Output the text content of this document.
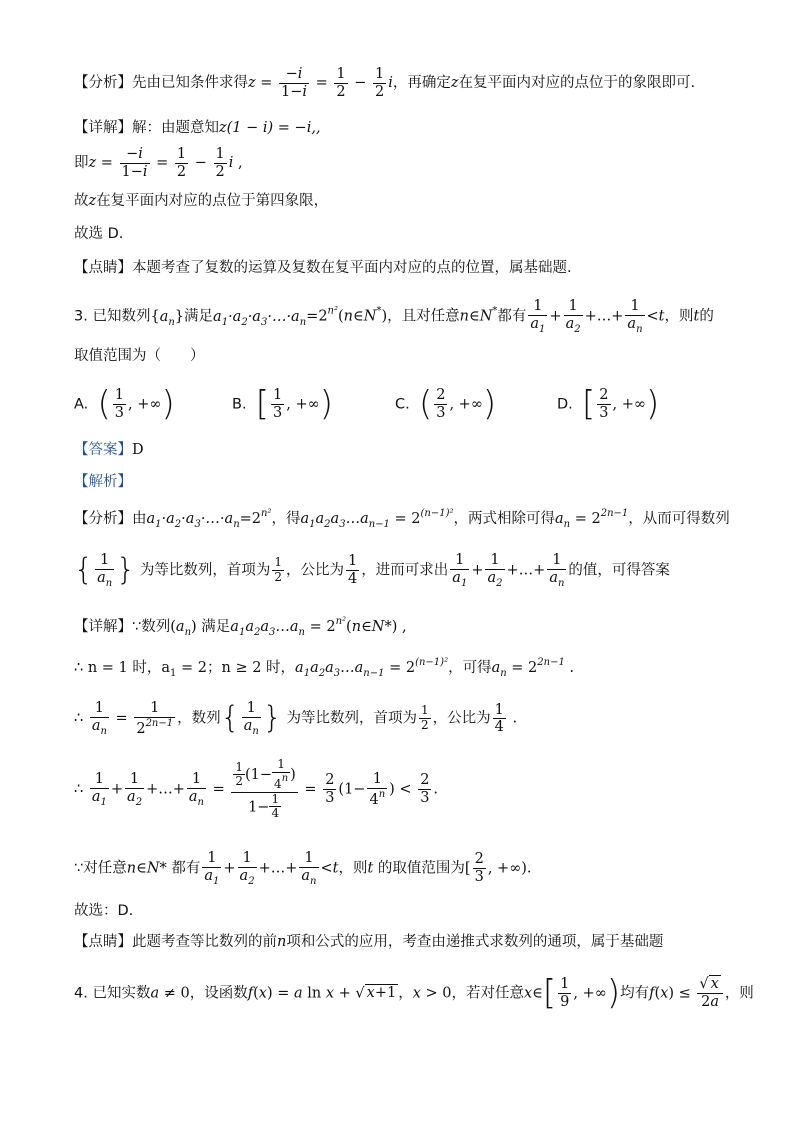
【分析】先由已知条件求得$z = \frac{-i}{1-i} = \frac{1}{2} - \frac{1}{2}$ i，再确定z在复平面内对应的点位于的象限即可.
【详解】解：由题意知z(1 − i) = −i,,
即$z = \frac{-i}{1-i} = \frac{1}{2} - \frac{1}{2}$ i ,
故z在复平面内对应的点位于第四象限，
故选 D.
【点睛】本题考查了复数的运算及复数在复平面内对应的点的位置，属基础题.
3. 已知数列$\{a_n\}$满足$a_1\cdot a_2\cdot a_3\cdot\dots\cdot a_n=2^{n^2}(n\in N^*)$，且对任意n∈N*都有 $\frac{1}{a_1} + \frac{1}{a_2}$ +…+ $\frac{1}{a_n} <t$，则t的
取值范围为（　　）
A. ( $\frac{1}{3}$ , +∞)	B. [ $\frac{1}{3}$ , +∞)	C. ( $\frac{2}{3}$ , +∞)	D. [ $\frac{2}{3}$ , +∞)
【答案】D
【解析】
【分析】由$a_1\cdot a_2\cdot a_3\cdot\dots\cdot a_n=2^{n^2}$，得$a_1a_2a_3\dots a_{n-1} = 2^{(n-1)^2}$，两式相除可得$a_n = 2^{2n-1}$，从而可得数列
{ $\frac{1}{a_n}$ } 为等比数列，首项为 $\frac{1}{2}$ ，公比为 $\frac{1}{4}$ ，进而可求出 $\frac{1}{a_1} + \frac{1}{a_2}$ +…+ $\frac{1}{a_n}$ 的值，可得答案
【详解】∵数列$(a_n)$ 满足$a_1a_2a_3\dots a_n$ = $2^{n^2}(n\in N*)$ ,
∴ n = 1 时，$a_1 = 2$；n ≥ 2 时，$a_1a_2a_3\dots a_{n-1} = 2^{(n-1)^2}$，可得$a_n = 2^{2n-1}$ .
∴ $\frac{1}{a_n} = \frac{1}{2^{2n-1}}$ ，数列{ $\frac{1}{a_n}$ } 为等比数列，首项为 $\frac{1}{2}$ ，公比为 $\frac{1}{4}$ .
∴ $\frac{1}{a_1} + \frac{1}{a_2}$ +…+ $\frac{1}{a_n} = \frac{\frac{1}{2} (1- \frac{1}{4^n} )}{1- \frac{1}{4}} = \frac{2}{3} (1- \frac{1}{4^n}$ ) < $\frac{2}{3}$ .
∵对任意n∈N* 都有 $\frac{1}{a_1} + \frac{1}{a_2}$ +…+ $\frac{1}{a_n} <t$，则t 的取值范围为[ $\frac{2}{3}$ , +∞).
故选：D.
【点睛】此题考查等比数列的前n项和公式的应用，考查由递推式求数列的通项，属于基础题
4. 已知实数a ≠ 0，设函数f(x) = a ln x + √ x+1 ，x > 0，若对任意x∈[ $\frac{1}{9}$ , +∞)均有$f(x) \le \frac{√ x}{2a}$ ，则
